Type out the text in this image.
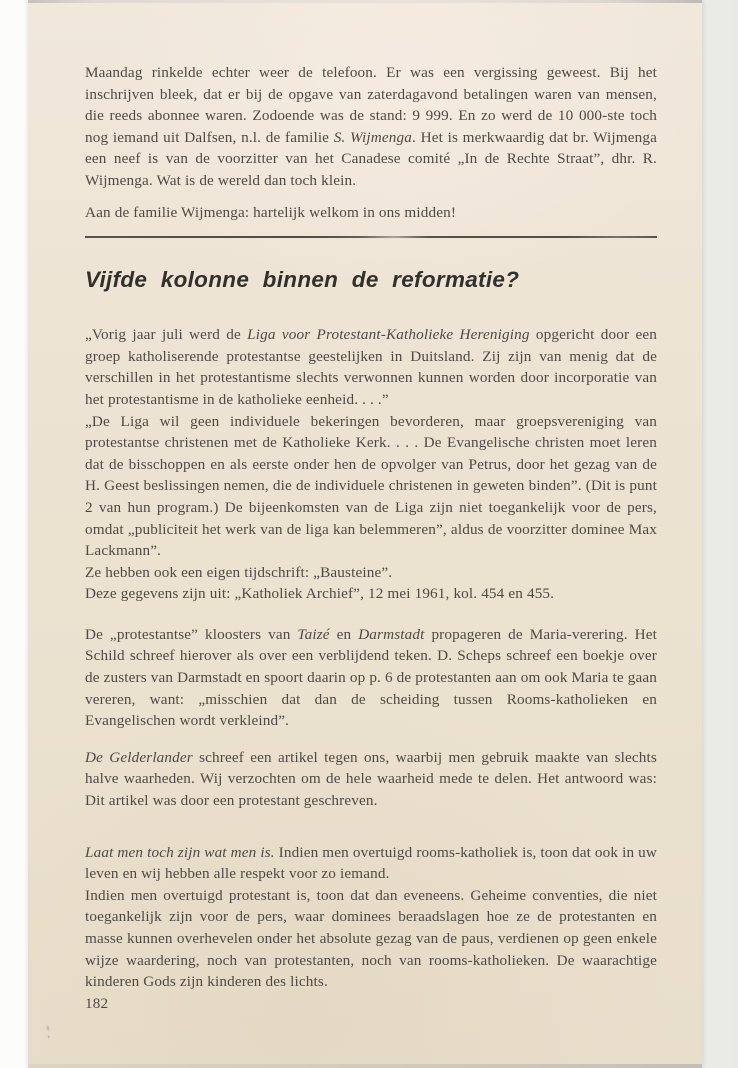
Maandag rinkelde echter weer de telefoon. Er was een vergissing geweest. Bij het inschrijven bleek, dat er bij de opgave van zaterdagavond betalingen waren van mensen, die reeds abonnee waren. Zodoende was de stand: 9 999. En zo werd de 10 000-ste toch nog iemand uit Dalfsen, n.l. de familie S. Wijmenga. Het is merkwaardig dat br. Wijmenga een neef is van de voorzitter van het Canadese comité „In de Rechte Straat”, dhr. R. Wijmenga. Wat is de wereld dan toch klein.

Aan de familie Wijmenga: hartelijk welkom in ons midden!

Vijfde kolonne binnen de reformatie?

„Vorig jaar juli werd de Liga voor Protestant-Katholieke Hereniging opgericht door een groep katholiserende protestantse geestelijken in Duitsland. Zij zijn van menig dat de verschillen in het protestantisme slechts verwonnen kunnen worden door incorporatie van het protestantisme in de katholieke eenheid. . . .”

„De Liga wil geen individuele bekeringen bevorderen, maar groepsvereniging van protestantse christenen met de Katholieke Kerk. . . . De Evangelische christen moet leren dat de bisschoppen en als eerste onder hen de opvolger van Petrus, door het gezag van de H. Geest beslissingen nemen, die de individuele christenen in geweten binden”. (Dit is punt 2 van hun program.) De bijeenkomsten van de Liga zijn niet toegankelijk voor de pers, omdat „publiciteit het werk van de liga kan belemmeren”, aldus de voorzitter dominee Max Lackmann”.

Ze hebben ook een eigen tijdschrift: „Bausteine”.

Deze gegevens zijn uit: „Katholiek Archief”, 12 mei 1961, kol. 454 en 455.

De „protestantse” kloosters van Taizé en Darmstadt propageren de Maria-verering. Het Schild schreef hierover als over een verblijdend teken. D. Scheps schreef een boekje over de zusters van Darmstadt en spoort daarin op p. 6 de protestanten aan om ook Maria te gaan vereren, want: „misschien dat dan de scheiding tussen Rooms-katholieken en Evangelischen wordt verkleind”.

De Gelderlander schreef een artikel tegen ons, waarbij men gebruik maakte van slechts halve waarheden. Wij verzochten om de hele waarheid mede te delen. Het antwoord was: Dit artikel was door een protestant geschreven.

Laat men toch zijn wat men is. Indien men overtuigd rooms-katholiek is, toon dat ook in uw leven en wij hebben alle respekt voor zo iemand.

Indien men overtuigd protestant is, toon dat dan eveneens. Geheime conventies, die niet toegankelijk zijn voor de pers, waar dominees beraadslagen hoe ze de protestanten en masse kunnen overhevelen onder het absolute gezag van de paus, verdienen op geen enkele wijze waardering, noch van protestanten, noch van rooms-katholieken. De waarachtige kinderen Gods zijn kinderen des lichts.

182
